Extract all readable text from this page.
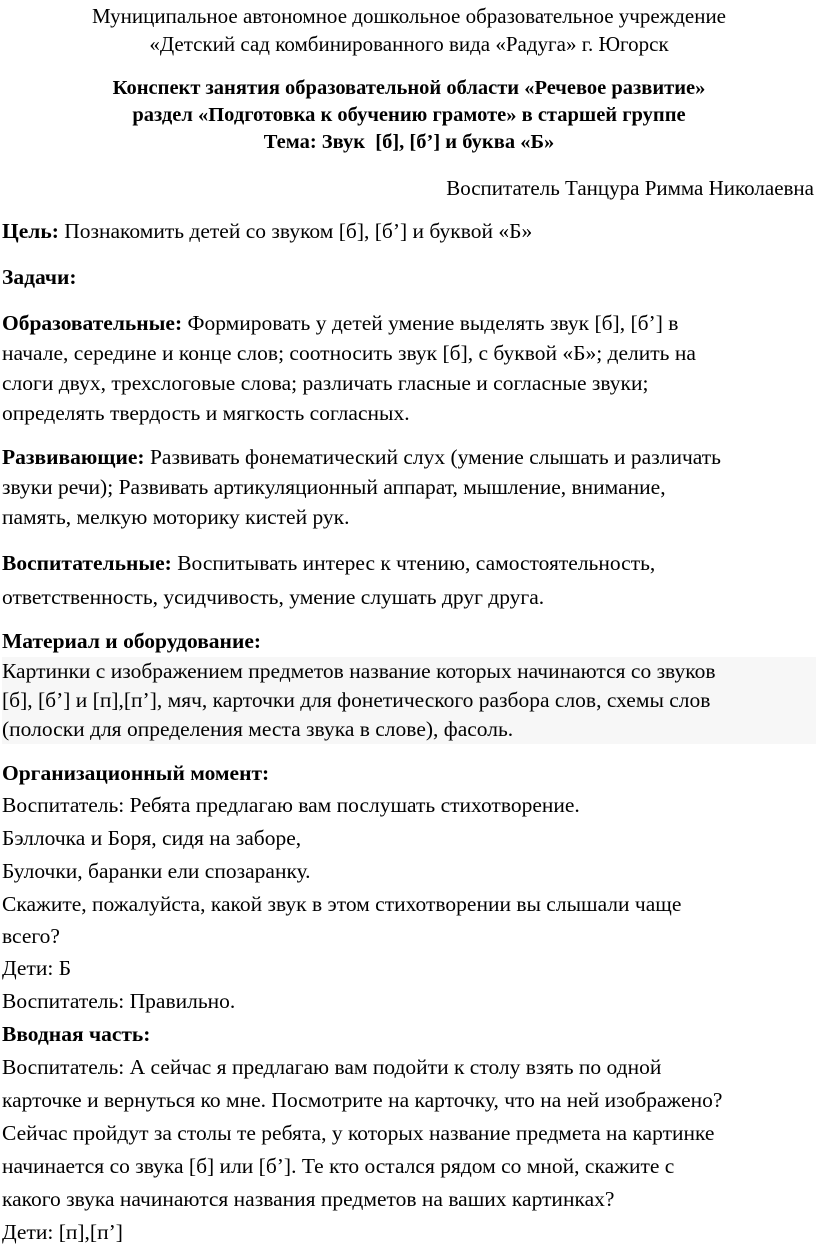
Муниципальное автономное дошкольное образовательное учреждение
«Детский сад комбинированного вида «Радуга» г. Югорск
Конспект занятия образовательной области «Речевое развитие»
раздел «Подготовка к обучению грамоте» в старшей группе
Тема: Звук  [б], [б’] и буква «Б»
Воспитатель Танцура Римма Николаевна

Цель: Познакомить детей со звуком [б], [б’] и буквой «Б»

Задачи:

Образовательные: Формировать у детей умение выделять звук [б], [б’] в
начале, середине и конце слов; соотносить звук [б], с буквой «Б»; делить на
слоги двух, трехслоговые слова; различать гласные и согласные звуки;
определять твердость и мягкость согласных.
Развивающие: Развивать фонематический слух (умение слышать и различать
звуки речи); Развивать артикуляционный аппарат, мышление, внимание,
память, мелкую моторику кистей рук.
Воспитательные: Воспитывать интерес к чтению, самостоятельность,
ответственность, усидчивость, умение слушать друг друга.

Материал и оборудование:

Картинки с изображением предметов название которых начинаются со звуков
[б], [б’] и [п],[п’], мяч, карточки для фонетического разбора слов, схемы слов
(полоски для определения места звука в слове), фасоль.

Организационный момент:

Воспитатель: Ребята предлагаю вам послушать стихотворение.

Бэллочка и Боря, сидя на заборе,

Булочки, баранки ели спозаранку.

Скажите, пожалуйста, какой звук в этом стихотворении вы слышали чаще

всего?

Дети: Б

Воспитатель: Правильно.

Вводная часть:

Воспитатель: А сейчас я предлагаю вам подойти к столу взять по одной

карточке и вернуться ко мне. Посмотрите на карточку, что на ней изображено?

Сейчас пройдут за столы те ребята, у которых название предмета на картинке

начинается со звука [б] или [б’]. Те кто остался рядом со мной, скажите с

какого звука начинаются названия предметов на ваших картинках?

Дети: [п],[п’]
